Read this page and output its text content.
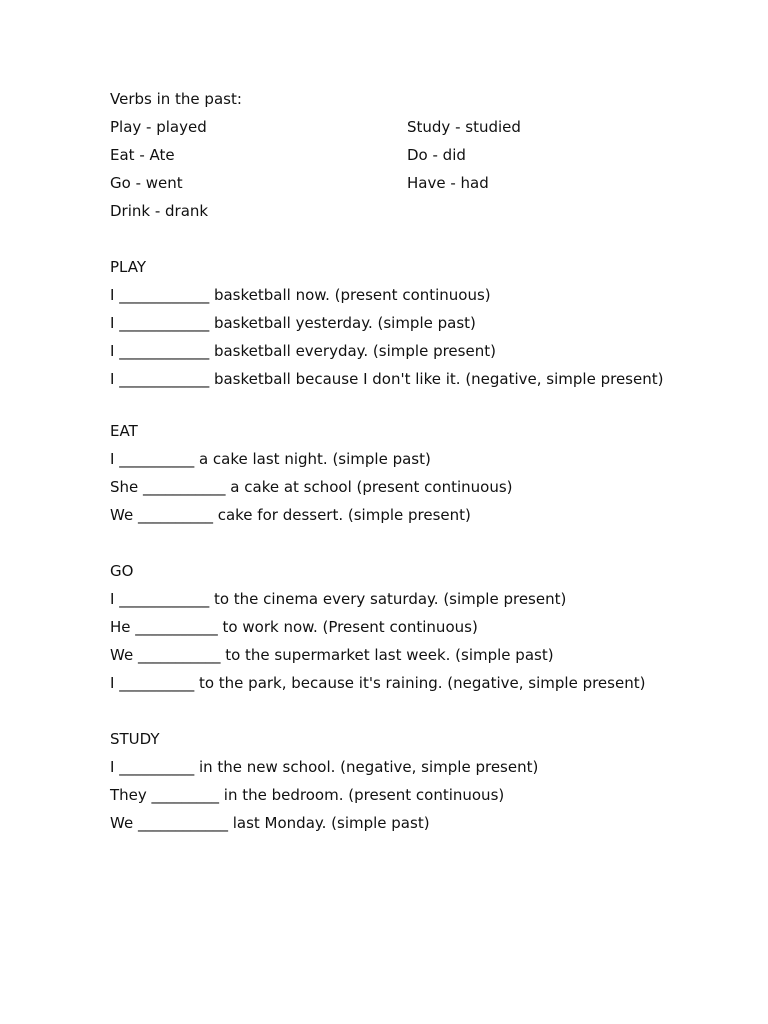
Verbs in the past:
Play - played
Eat - Ate
Go - went
Drink - drank
Study - studied
Do - did
Have - had
PLAY
I ____________ basketball now. (present continuous)
I ____________ basketball yesterday. (simple past)
I ____________ basketball everyday. (simple present)
I ____________ basketball because I don't like it. (negative, simple present)
EAT
I __________ a cake last night. (simple past)
She ___________ a cake at school (present continuous)
We __________ cake for dessert. (simple present)
GO
I ____________ to the cinema every saturday. (simple present)
He ___________ to work now. (Present continuous)
We ___________ to the supermarket last week. (simple past)
I __________ to the park, because it's raining. (negative, simple present)
STUDY
I __________ in the new school. (negative, simple present)
They _________ in the bedroom. (present continuous)
We ____________ last Monday. (simple past)
